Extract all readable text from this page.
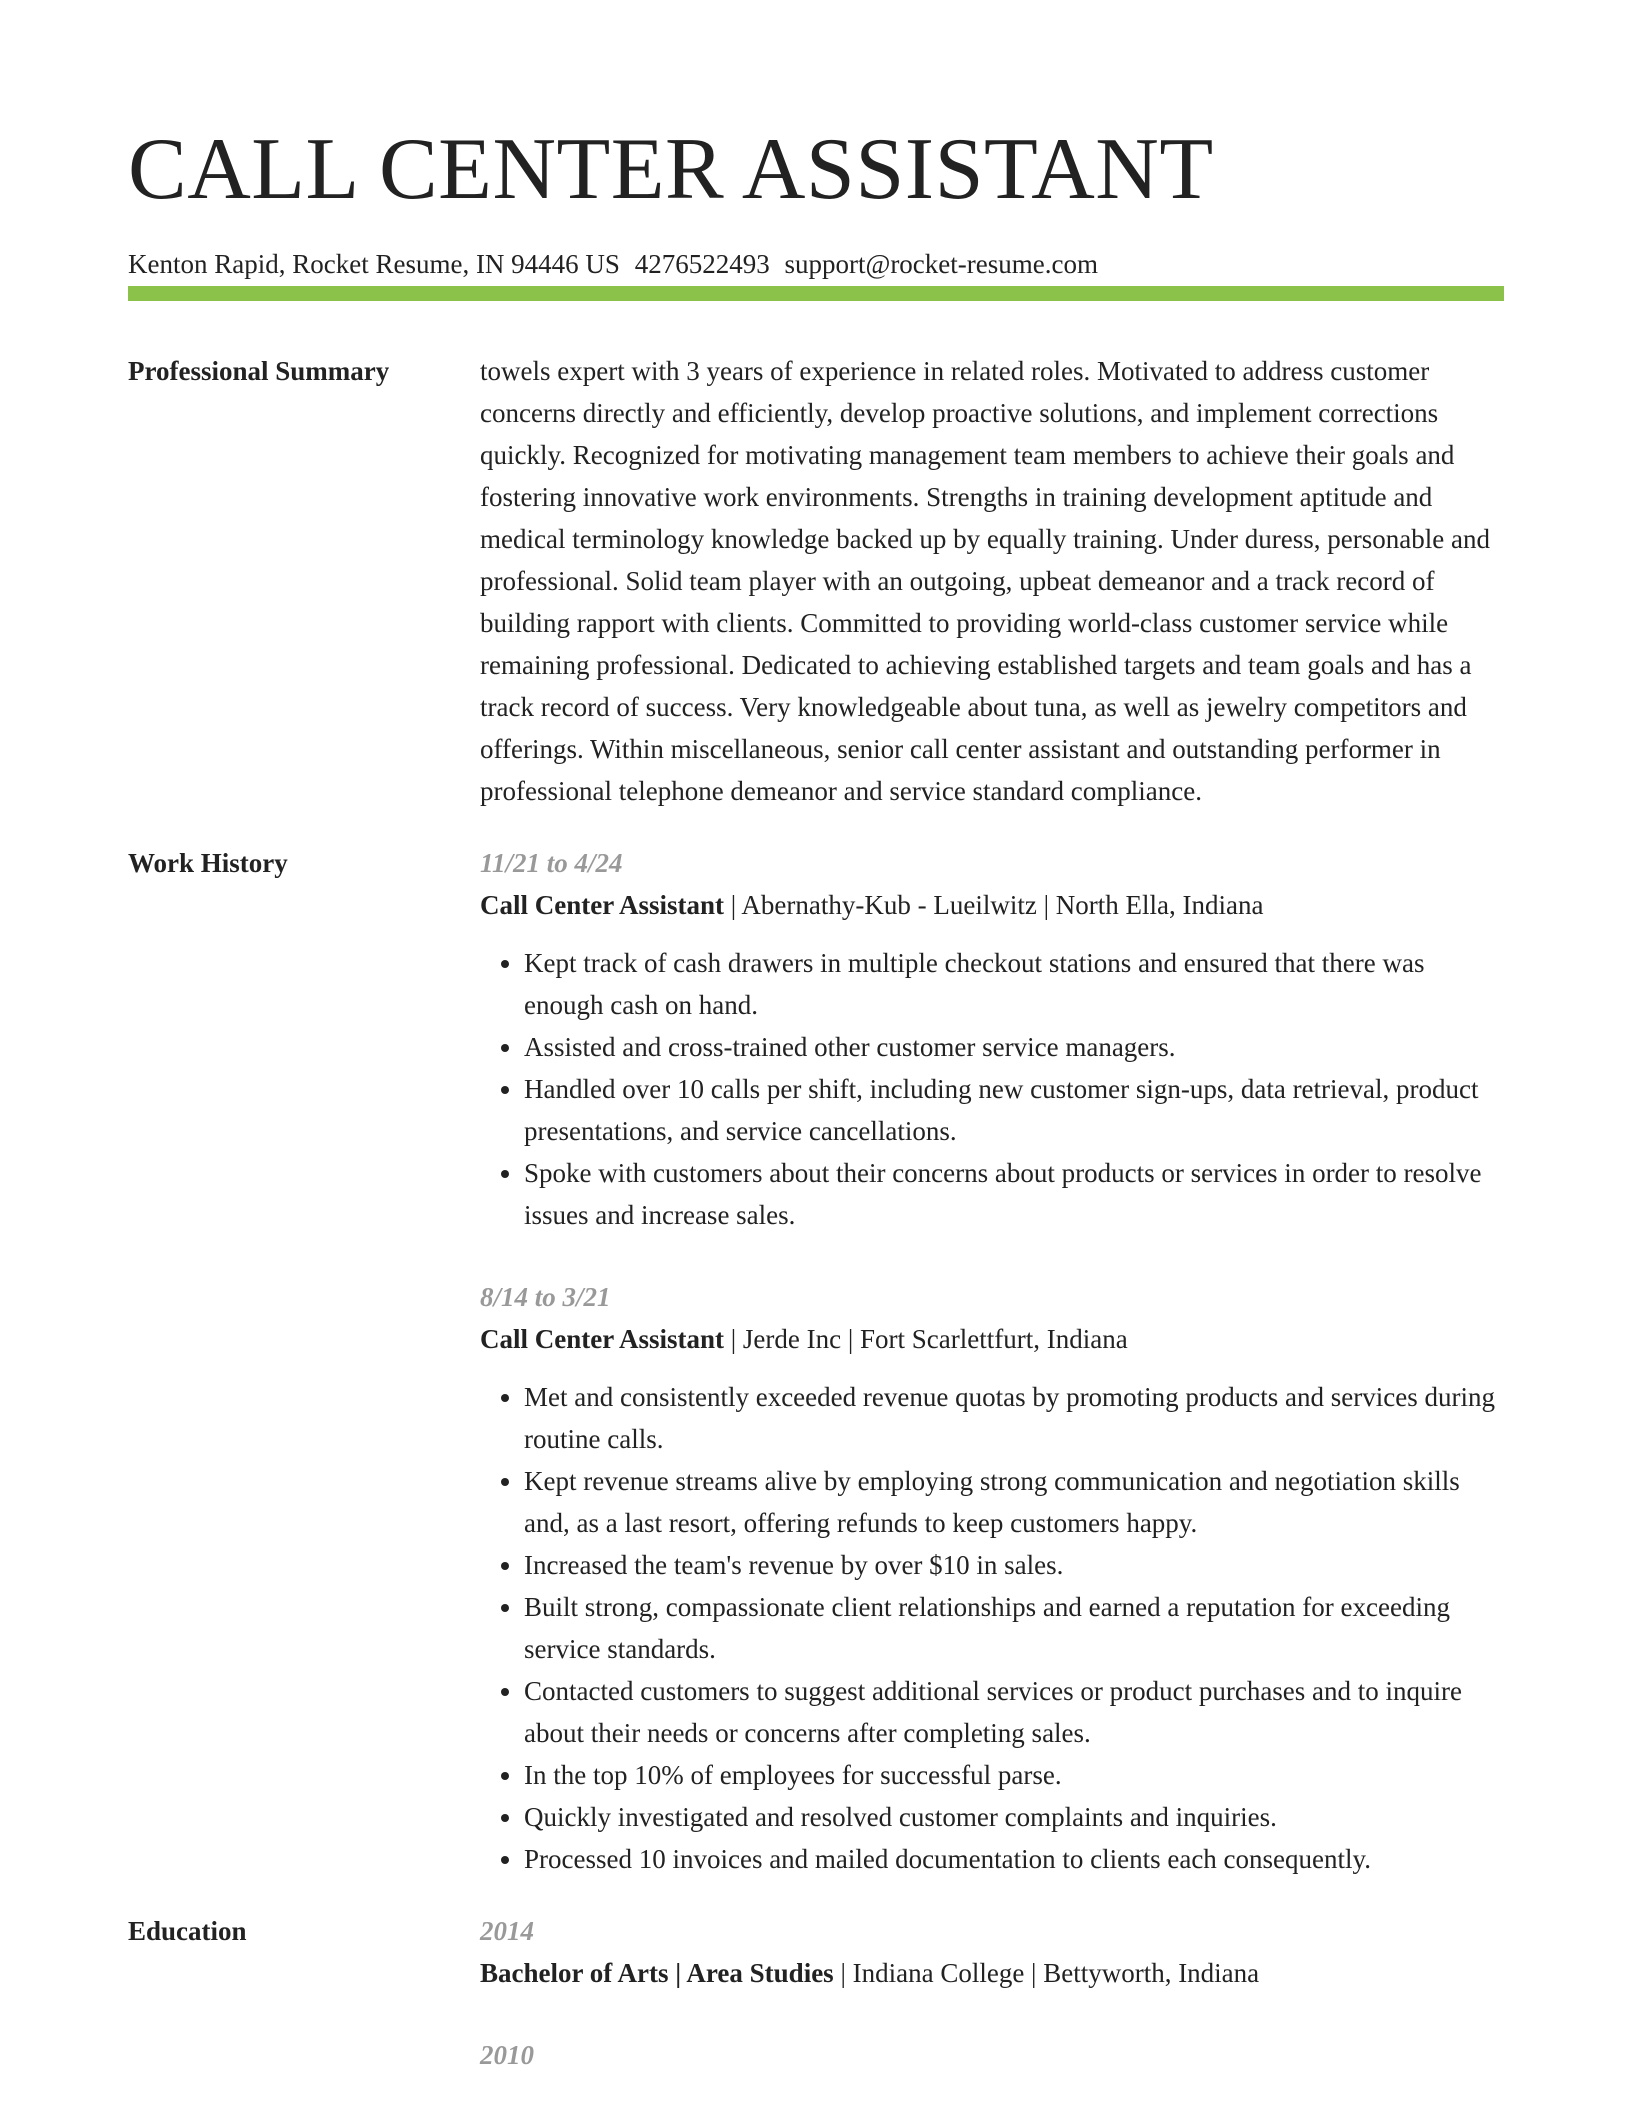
CALL CENTER ASSISTANT
Kenton Rapid, Rocket Resume, IN 94446 US 4276522493 support@rocket-resume.com
Professional Summary	towels expert with 3 years of experience in related roles. Motivated to address customer concerns directly and efficiently, develop proactive solutions, and implement corrections quickly. Recognized for motivating management team members to achieve their goals and fostering innovative work environments. Strengths in training development aptitude and medical terminology knowledge backed up by equally training. Under duress, personable and professional. Solid team player with an outgoing, upbeat demeanor and a track record of building rapport with clients. Committed to providing world-class customer service while remaining professional. Dedicated to achieving established targets and team goals and has a track record of success. Very knowledgeable about tuna, as well as jewelry competitors and offerings. Within miscellaneous, senior call center assistant and outstanding performer in professional telephone demeanor and service standard compliance.

Work History	11/21 to 4/24
Call Center Assistant | Abernathy-Kub - Lueilwitz | North Ella, Indiana
• Kept track of cash drawers in multiple checkout stations and ensured that there was enough cash on hand.
• Assisted and cross-trained other customer service managers.
• Handled over 10 calls per shift, including new customer sign-ups, data retrieval, product presentations, and service cancellations.
• Spoke with customers about their concerns about products or services in order to resolve issues and increase sales.
8/14 to 3/21
Call Center Assistant | Jerde Inc | Fort Scarlettfurt, Indiana
• Met and consistently exceeded revenue quotas by promoting products and services during routine calls.
• Kept revenue streams alive by employing strong communication and negotiation skills and, as a last resort, offering refunds to keep customers happy.
• Increased the team's revenue by over $10 in sales.
• Built strong, compassionate client relationships and earned a reputation for exceeding service standards.
• Contacted customers to suggest additional services or product purchases and to inquire about their needs or concerns after completing sales.
• In the top 10% of employees for successful parse.
• Quickly investigated and resolved customer complaints and inquiries.
• Processed 10 invoices and mailed documentation to clients each consequently.
Education	2014
Bachelor of Arts | Area Studies | Indiana College | Bettyworth, Indiana
2010
